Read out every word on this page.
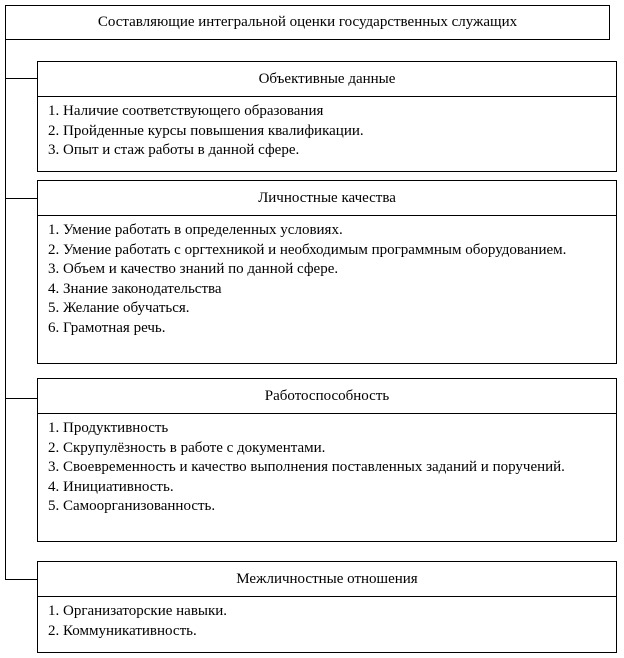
Составляющие интегральной оценки государственных служащих
Объективные данные
1. Наличие соответствующего образования
2. Пройденные курсы повышения квалификации.
3. Опыт и стаж работы в данной сфере.
Личностные качества
1. Умение работать в определенных условиях.
2. Умение работать с оргтехникой и необходимым программным оборудованием.
3. Объем и качество знаний по данной сфере.
4. Знание законодательства
5. Желание обучаться.
6. Грамотная речь.
Работоспособность
1. Продуктивность
2. Скрупулёзность в работе с документами.
3. Своевременность и качество выполнения поставленных заданий и поручений.
4. Инициативность.
5. Самоорганизованность.
Межличностные отношения
1. Организаторские навыки.
2. Коммуникативность.
